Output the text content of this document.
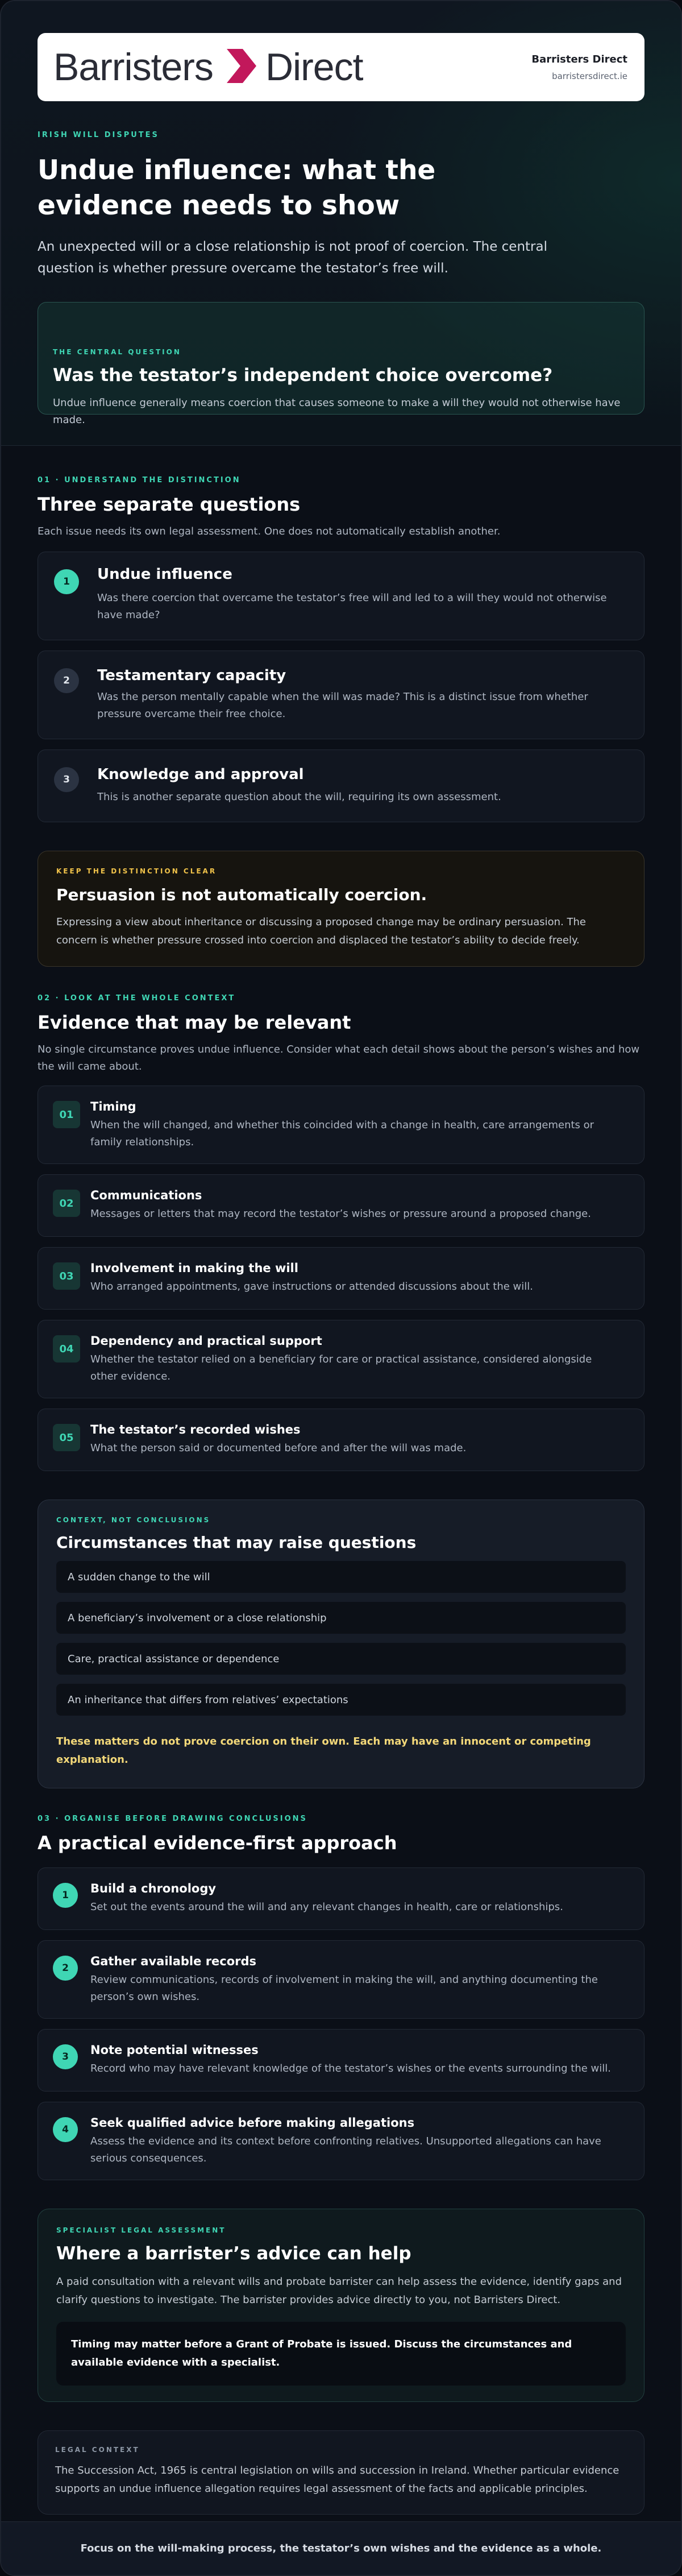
Barristers Direct	Barristers Direct
barristersdirect.ie
IRISH WILL DISPUTES
Undue influence: what the evidence needs to show

An unexpected will or a close relationship is not proof of coercion. The central question is whether pressure overcame the testator’s free will.

THE CENTRAL QUESTION
Was the testator’s independent choice overcome?

Undue influence generally means coercion that causes someone to make a will they would not otherwise have made.

01 · UNDERSTAND THE DISTINCTION
Three separate questions
Each issue needs its own legal assessment. One does not automatically establish another.
1	Undue influence

Was there coercion that overcame the testator’s free will and led to a will they would not otherwise have made?

2	Testamentary capacity

Was the person mentally capable when the will was made? This is a distinct issue from whether pressure overcame their free choice.

3	Knowledge and approval

This is another separate question about the will, requiring its own assessment.

KEEP THE DISTINCTION CLEAR
Persuasion is not automatically coercion.

Expressing a view about inheritance or discussing a proposed change may be ordinary persuasion. The concern is whether pressure crossed into coercion and displaced the testator’s ability to decide freely.

02 · LOOK AT THE WHOLE CONTEXT
Evidence that may be relevant
No single circumstance proves undue influence. Consider what each detail shows about the person’s wishes and how the will came about.
01
Timing

When the will changed, and whether this coincided with a change in health, care arrangements or family relationships.

02
Communications

Messages or letters that may record the testator’s wishes or pressure around a proposed change.

03
Involvement in making the will

Who arranged appointments, gave instructions or attended discussions about the will.

04
Dependency and practical support

Whether the testator relied on a beneficiary for care or practical assistance, considered alongside other evidence.

05
The testator’s recorded wishes

What the person said or documented before and after the will was made.

CONTEXT, NOT CONCLUSIONS
Circumstances that may raise questions
A sudden change to the will
A beneficiary’s involvement or a close relationship
Care, practical assistance or dependence
An inheritance that differs from relatives’ expectations
These matters do not prove coercion on their own. Each may have an innocent or competing explanation.
03 · ORGANISE BEFORE DRAWING CONCLUSIONS
A practical evidence-first approach
1	Build a chronology

Set out the events around the will and any relevant changes in health, care or relationships.

2	Gather available records

Review communications, records of involvement in making the will, and anything documenting the person’s own wishes.

3	Note potential witnesses

Record who may have relevant knowledge of the testator’s wishes or the events surrounding the will.

4	Seek qualified advice before making allegations

Assess the evidence and its context before confronting relatives. Unsupported allegations can have serious consequences.

SPECIALIST LEGAL ASSESSMENT
Where a barrister’s advice can help

A paid consultation with a relevant wills and probate barrister can help assess the evidence, identify gaps and clarify questions to investigate. The barrister provides advice directly to you, not Barristers Direct.

Timing may matter before a Grant of Probate is issued. Discuss the circumstances and available evidence with a specialist.
LEGAL CONTEXT

The Succession Act, 1965 is central legislation on wills and succession in Ireland. Whether particular evidence supports an undue influence allegation requires legal assessment of the facts and applicable principles.

Focus on the will-making process, the testator’s own wishes and the evidence as a whole.
